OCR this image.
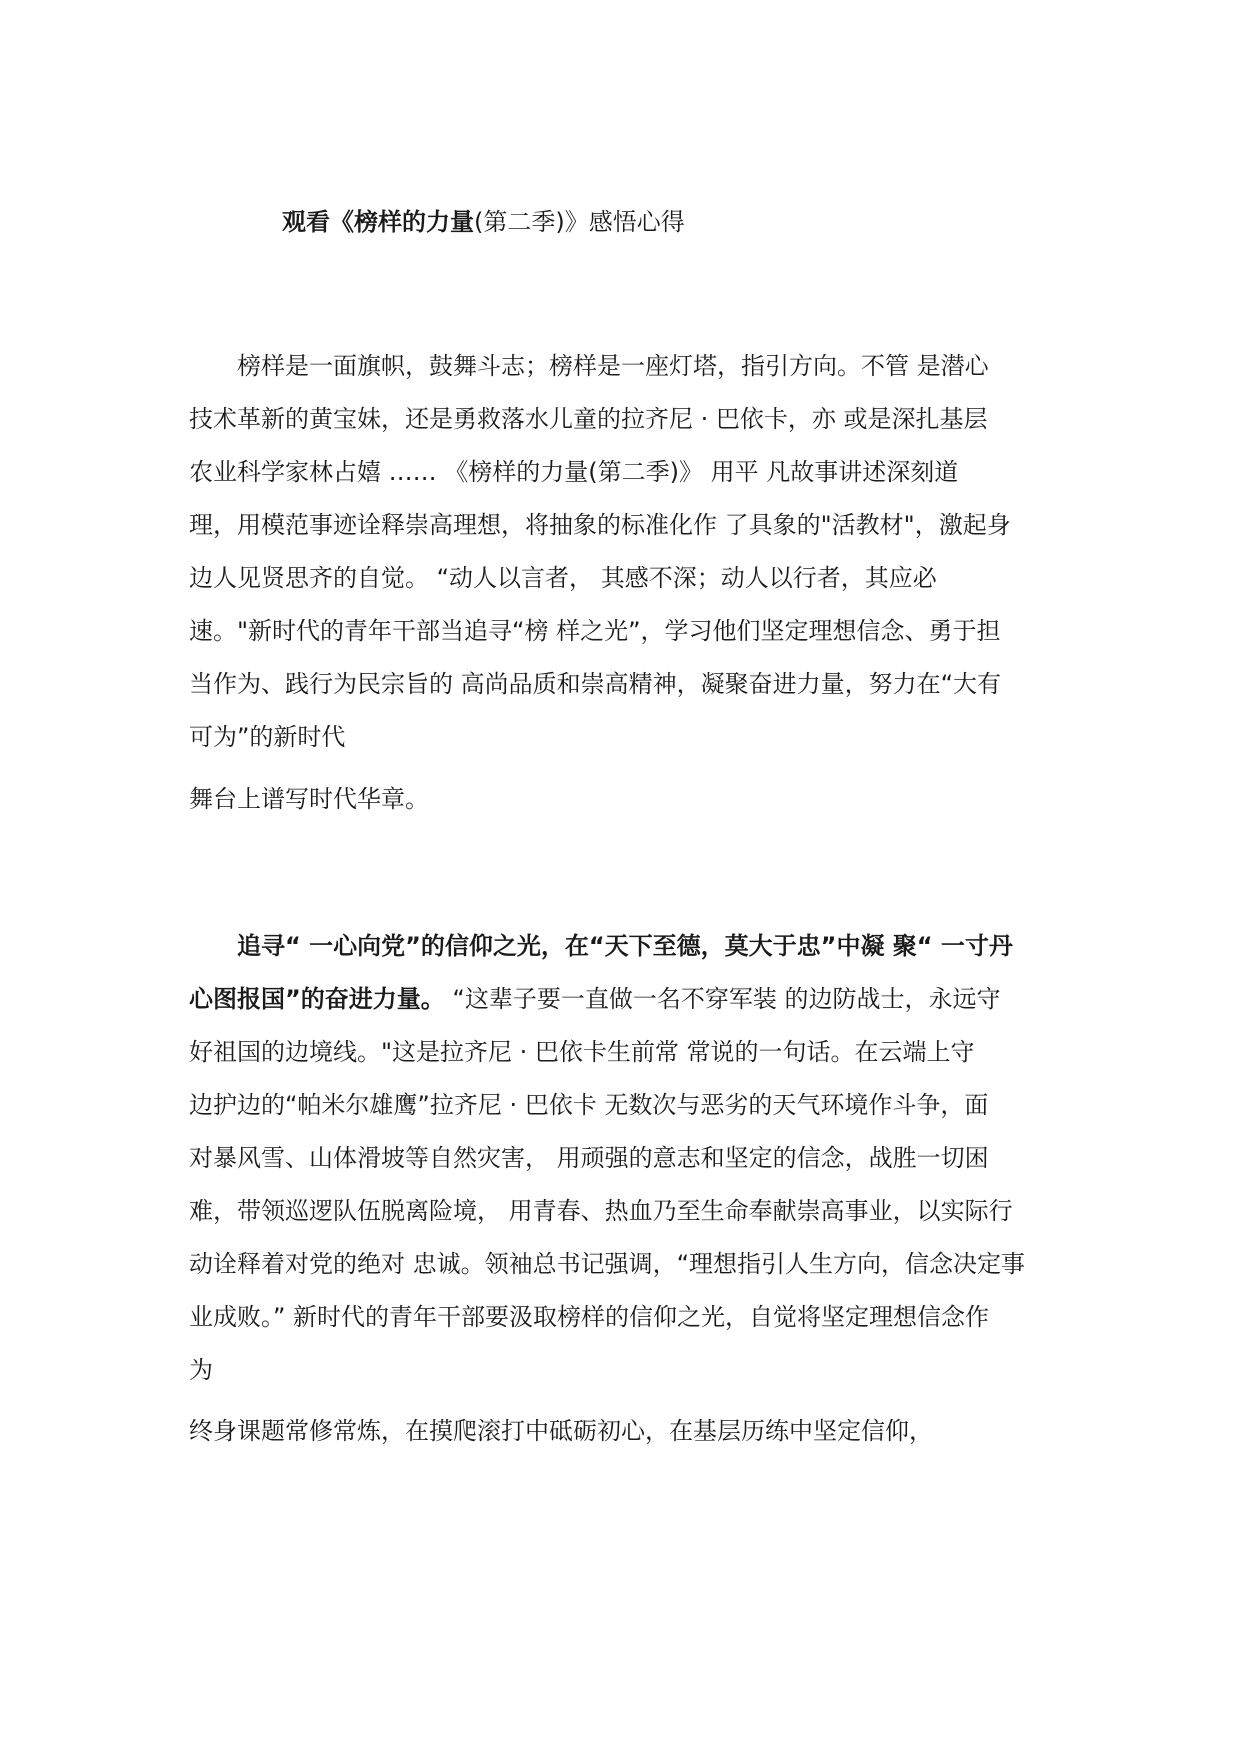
观看《榜样的力量(第二季)》感悟心得
榜样是一面旗帜，鼓舞斗志；榜样是一座灯塔，指引方向。不管 是潜心
技术革新的黄宝妹，还是勇救落水儿童的拉齐尼 · 巴依卡，亦 或是深扎基层
农业科学家林占嬉 …… 《榜样的力量(第二季)》 用平 凡故事讲述深刻道
理，用模范事迹诠释崇高理想，将抽象的标准化作 了具象的"活教材"，激起身
边人见贤思齐的自觉。 “动人以言者， 其感不深；动人以行者，其应必
速。"新时代的青年干部当追寻“榜 样之光”，学习他们坚定理想信念、勇于担
当作为、践行为民宗旨的 高尚品质和崇高精神，凝聚奋进力量，努力在“大有
可为”的新时代
舞台上谱写时代华章。
追寻“ 一心向党”的信仰之光，在“天下至德，莫大于忠”中凝 聚“ 一寸丹
心图报国”的奋进力量。 “这辈子要一直做一名不穿军装 的边防战士，永远守
好祖国的边境线。"这是拉齐尼 · 巴依卡生前常 常说的一句话。在云端上守
边护边的“帕米尔雄鹰”拉齐尼 · 巴依卡 无数次与恶劣的天气环境作斗争，面
对暴风雪、山体滑坡等自然灾害， 用顽强的意志和坚定的信念，战胜一切困
难，带领巡逻队伍脱离险境， 用青春、热血乃至生命奉献崇高事业，以实际行
动诠释着对党的绝对 忠诚。领袖总书记强调，“理想指引人生方向，信念决定事
业成败。” 新时代的青年干部要汲取榜样的信仰之光，自觉将坚定理想信念作
为
终身课题常修常炼，在摸爬滚打中砥砺初心，在基层历练中坚定信仰，
